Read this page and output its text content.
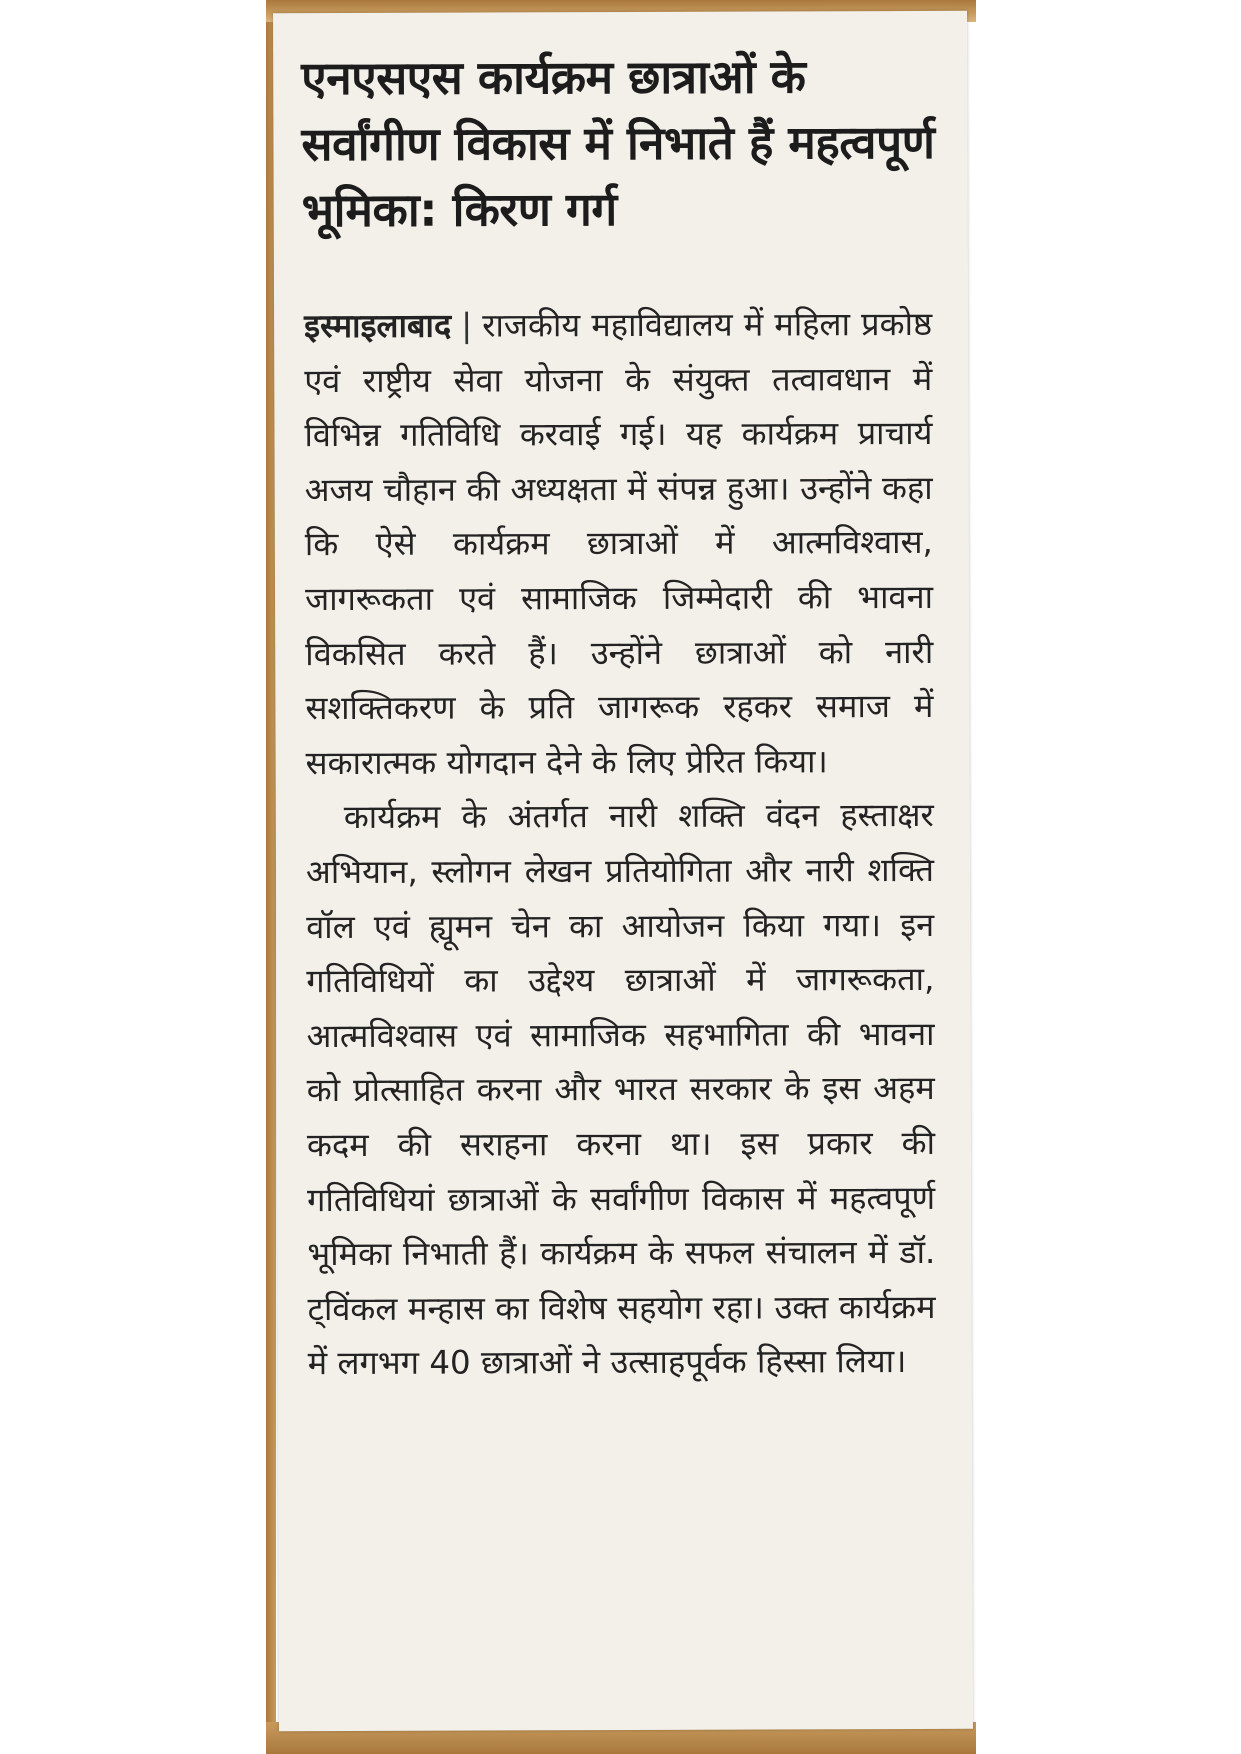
एनएसएस कार्यक्रम छात्राओं के सर्वांगीण विकास में निभाते हैं महत्वपूर्ण भूमिका: किरण गर्ग

इस्माइलाबाद | राजकीय महाविद्यालय में महिला प्रकोष्ठ एवं राष्ट्रीय सेवा योजना के संयुक्त तत्वावधान में विभिन्न गतिविधि करवाई गई। यह कार्यक्रम प्राचार्य अजय चौहान की अध्यक्षता में संपन्न हुआ। उन्होंने कहा कि ऐसे कार्यक्रम छात्राओं में आत्मविश्वास, जागरूकता एवं सामाजिक जिम्मेदारी की भावना विकसित करते हैं। उन्होंने छात्राओं को नारी सशक्तिकरण के प्रति जागरूक रहकर समाज में सकारात्मक योगदान देने के लिए प्रेरित किया।

कार्यक्रम के अंतर्गत नारी शक्ति वंदन हस्ताक्षर अभियान, स्लोगन लेखन प्रतियोगिता और नारी शक्ति वॉल एवं ह्यूमन चेन का आयोजन किया गया। इन गतिविधियों का उद्देश्य छात्राओं में जागरूकता, आत्मविश्वास एवं सामाजिक सहभागिता की भावना को प्रोत्साहित करना और भारत सरकार के इस अहम कदम की सराहना करना था। इस प्रकार की गतिविधियां छात्राओं के सर्वांगीण विकास में महत्वपूर्ण भूमिका निभाती हैं। कार्यक्रम के सफल संचालन में डॉ. ट्विंकल मन्हास का विशेष सहयोग रहा। उक्त कार्यक्रम में लगभग 40 छात्राओं ने उत्साहपूर्वक हिस्सा लिया।
